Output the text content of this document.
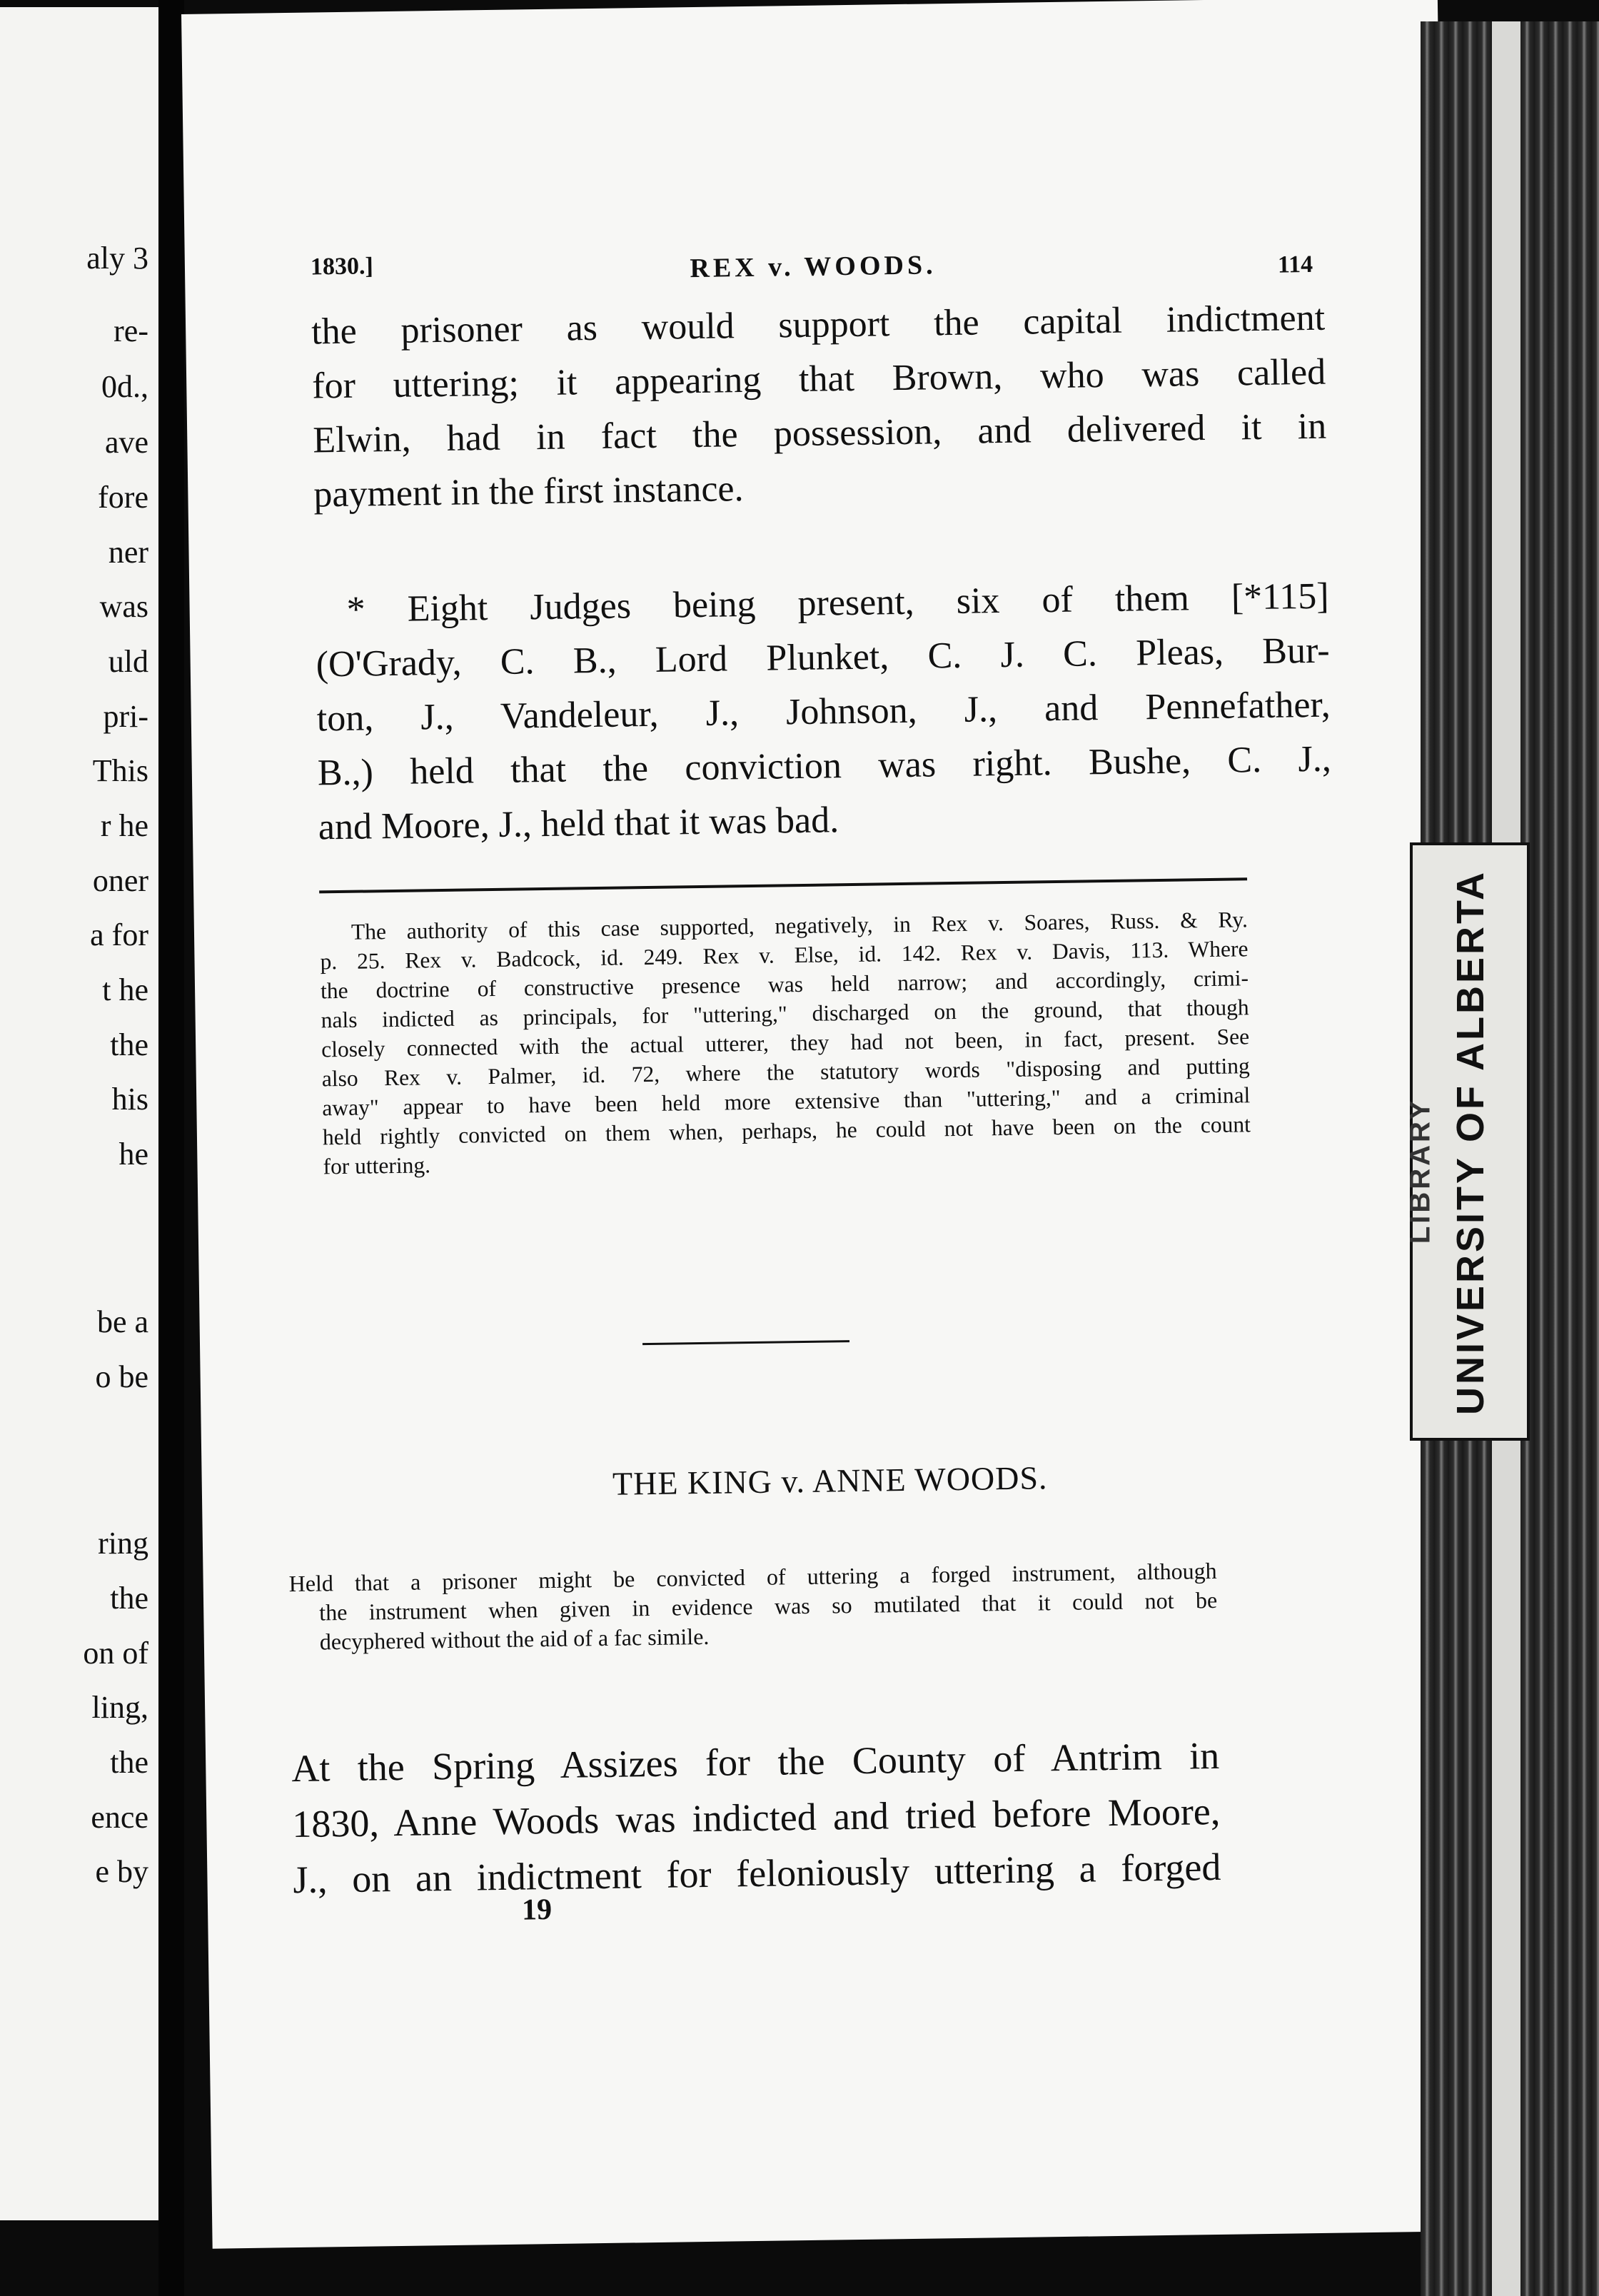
aly 3
re-
0d.,
ave
fore
ner
was
uld
pri-
This
r he
oner
a for
t he
the
his
he
be a
o be
ring
the
on of
ling,
the
ence
e by
1830.]	REX v. WOODS.	114
the prisoner as would support the capital indictment
for uttering; it appearing that Brown, who was called
Elwin, had in fact the possession, and delivered it in
payment in the first instance.
* Eight Judges being present, six of them [*115]
(O'Grady, C. B., Lord Plunket, C. J. C. Pleas, Bur-
ton, J., Vandeleur, J., Johnson, J., and Pennefather,
B.,) held that the conviction was right. Bushe, C. J.,
and Moore, J., held that it was bad.
The authority of this case supported, negatively, in Rex v. Soares, Russ. & Ry.
p. 25. Rex v. Badcock, id. 249. Rex v. Else, id. 142. Rex v. Davis, 113. Where
the doctrine of constructive presence was held narrow; and accordingly, crimi-
nals indicted as principals, for "uttering," discharged on the ground, that though
closely connected with the actual utterer, they had not been, in fact, present. See
also Rex v. Palmer, id. 72, where the statutory words "disposing and putting
away" appear to have been held more extensive than "uttering," and a criminal
held rightly convicted on them when, perhaps, he could not have been on the count
for uttering.
THE KING v. ANNE WOODS.
Held that a prisoner might be convicted of uttering a forged instrument, although
the instrument when given in evidence was so mutilated that it could not be
decyphered without the aid of a fac simile.
At the Spring Assizes for the County of Antrim in
1830, Anne Woods was indicted and tried before Moore,
J., on an indictment for feloniously uttering a forged
19
UNIVERSITY OF ALBERTA
LIBRARY
